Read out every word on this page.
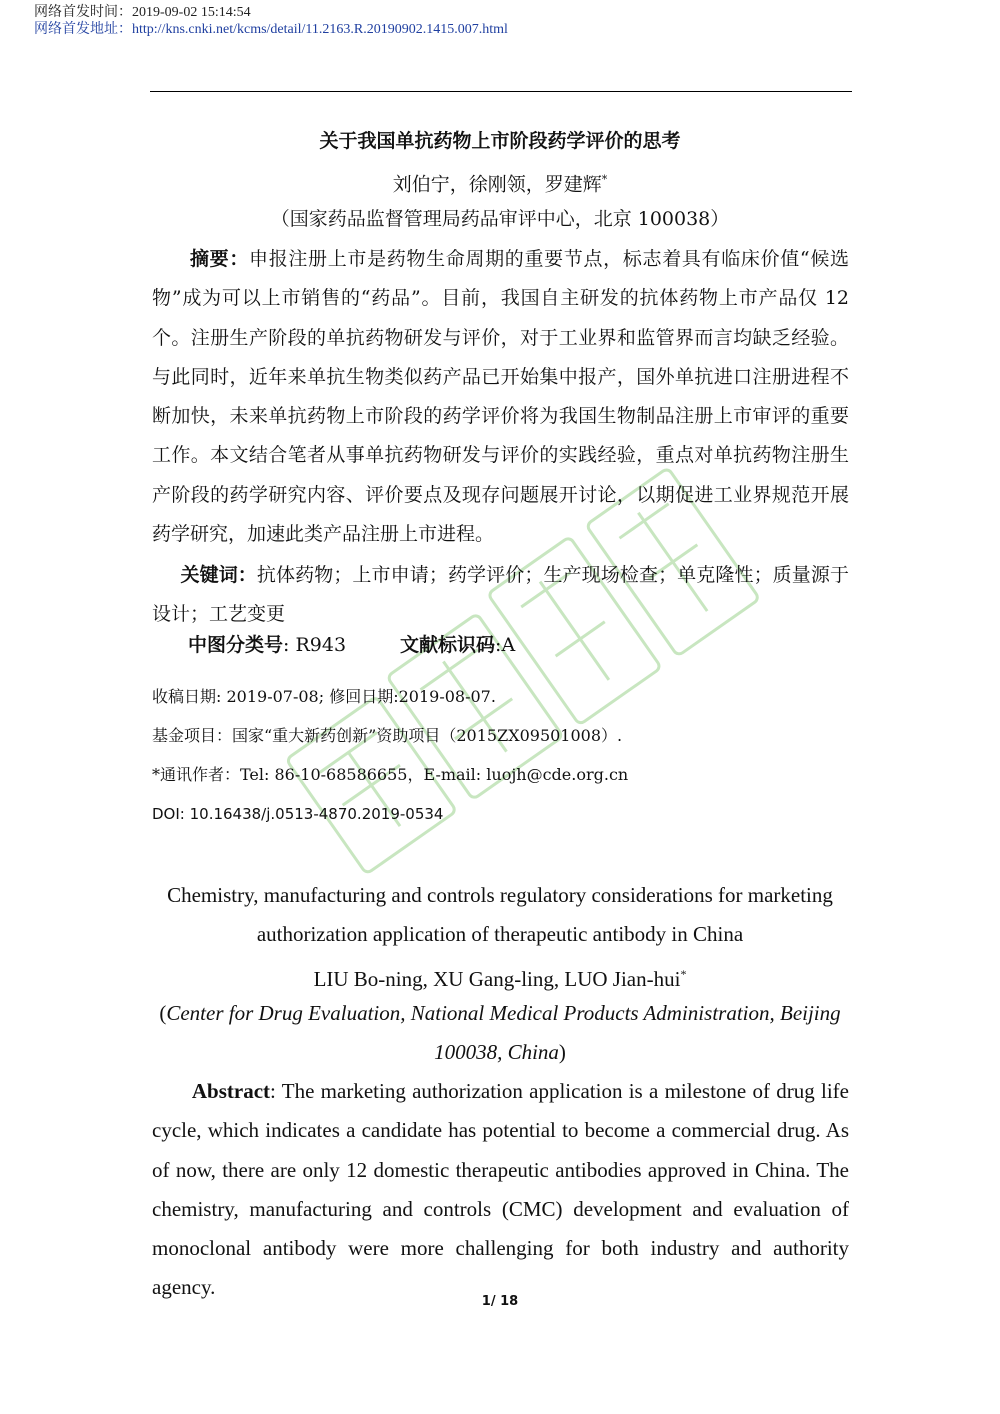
网络首发时间：2019-09-02 15:14:54
网络首发地址：http://kns.cnki.net/kcms/detail/11.2163.R.20190902.1415.007.html
关于我国单抗药物上市阶段药学评价的思考
刘伯宁，徐刚领，罗建辉*
（国家药品监督管理局药品审评中心，北京 100038）
摘要：申报注册上市是药物生命周期的重要节点，标志着具有临床价值“候选物”成为可以上市销售的“药品”。目前，我国自主研发的抗体药物上市产品仅 12 个。注册生产阶段的单抗药物研发与评价，对于工业界和监管界而言均缺乏经验。与此同时，近年来单抗生物类似药产品已开始集中报产，国外单抗进口注册进程不断加快，未来单抗药物上市阶段的药学评价将为我国生物制品注册上市审评的重要工作。本文结合笔者从事单抗药物研发与评价的实践经验，重点对单抗药物注册生产阶段的药学研究内容、评价要点及现存问题展开讨论，以期促进工业界规范开展药学研究，加速此类产品注册上市进程。
关键词：抗体药物；上市申请；药学评价；生产现场检查；单克隆性；质量源于设计；工艺变更
中图分类号: R943	文献标识码:A
收稿日期: 2019-07-08; 修回日期:2019-08-07.
基金项目：国家“重大新药创新”资助项目（2015ZX09501008）.
*通讯作者：Tel: 86-10-68586655，E-mail: luojh@cde.org.cn
DOI: 10.16438/j.0513-4870.2019-0534
Chemistry, manufacturing and controls regulatory considerations for marketing
authorization application of therapeutic antibody in China
LIU Bo-ning, XU Gang-ling, LUO Jian-hui*
(Center for Drug Evaluation, National Medical Products Administration, Beijing
100038, China)
Abstract: The marketing authorization application is a milestone of drug life cycle, which indicates a candidate has potential to become a commercial drug. As of now, there are only 12 domestic therapeutic antibodies approved in China. The chemistry, manufacturing and controls (CMC) development and evaluation of monoclonal antibody were more challenging for both industry and authority agency.
1/ 18
